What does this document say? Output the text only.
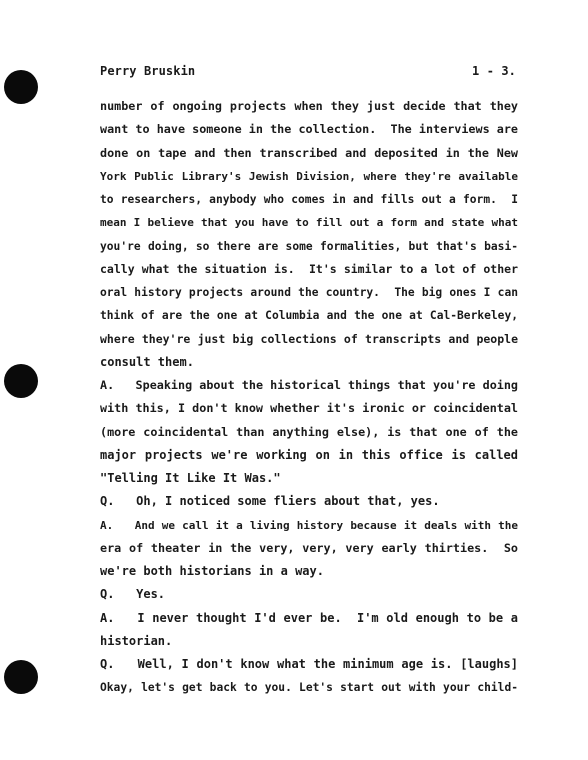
Perry Bruskin	1 - 3.
number of ongoing projects when they just decide that they
want to have someone in the collection.  The interviews are
done on tape and then transcribed and deposited in the New
York Public Library's Jewish Division, where they're available
to researchers, anybody who comes in and fills out a form.  I
mean I believe that you have to fill out a form and state what
you're doing, so there are some formalities, but that's basi-
cally what the situation is.  It's similar to a lot of other
oral history projects around the country.  The big ones I can
think of are the one at Columbia and the one at Cal-Berkeley,
where they're just big collections of transcripts and people
consult them.
A.   Speaking about the historical things that you're doing
with this, I don't know whether it's ironic or coincidental
(more coincidental than anything else), is that one of the
major projects we're working on in this office is called
"Telling It Like It Was."
Q.   Oh, I noticed some fliers about that, yes.
A.   And we call it a living history because it deals with the
era of theater in the very, very, very early thirties.  So
we're both historians in a way.
Q.   Yes.
A.   I never thought I'd ever be.  I'm old enough to be a
historian.
Q.   Well, I don't know what the minimum age is. [laughs]
Okay, let's get back to you. Let's start out with your child-
